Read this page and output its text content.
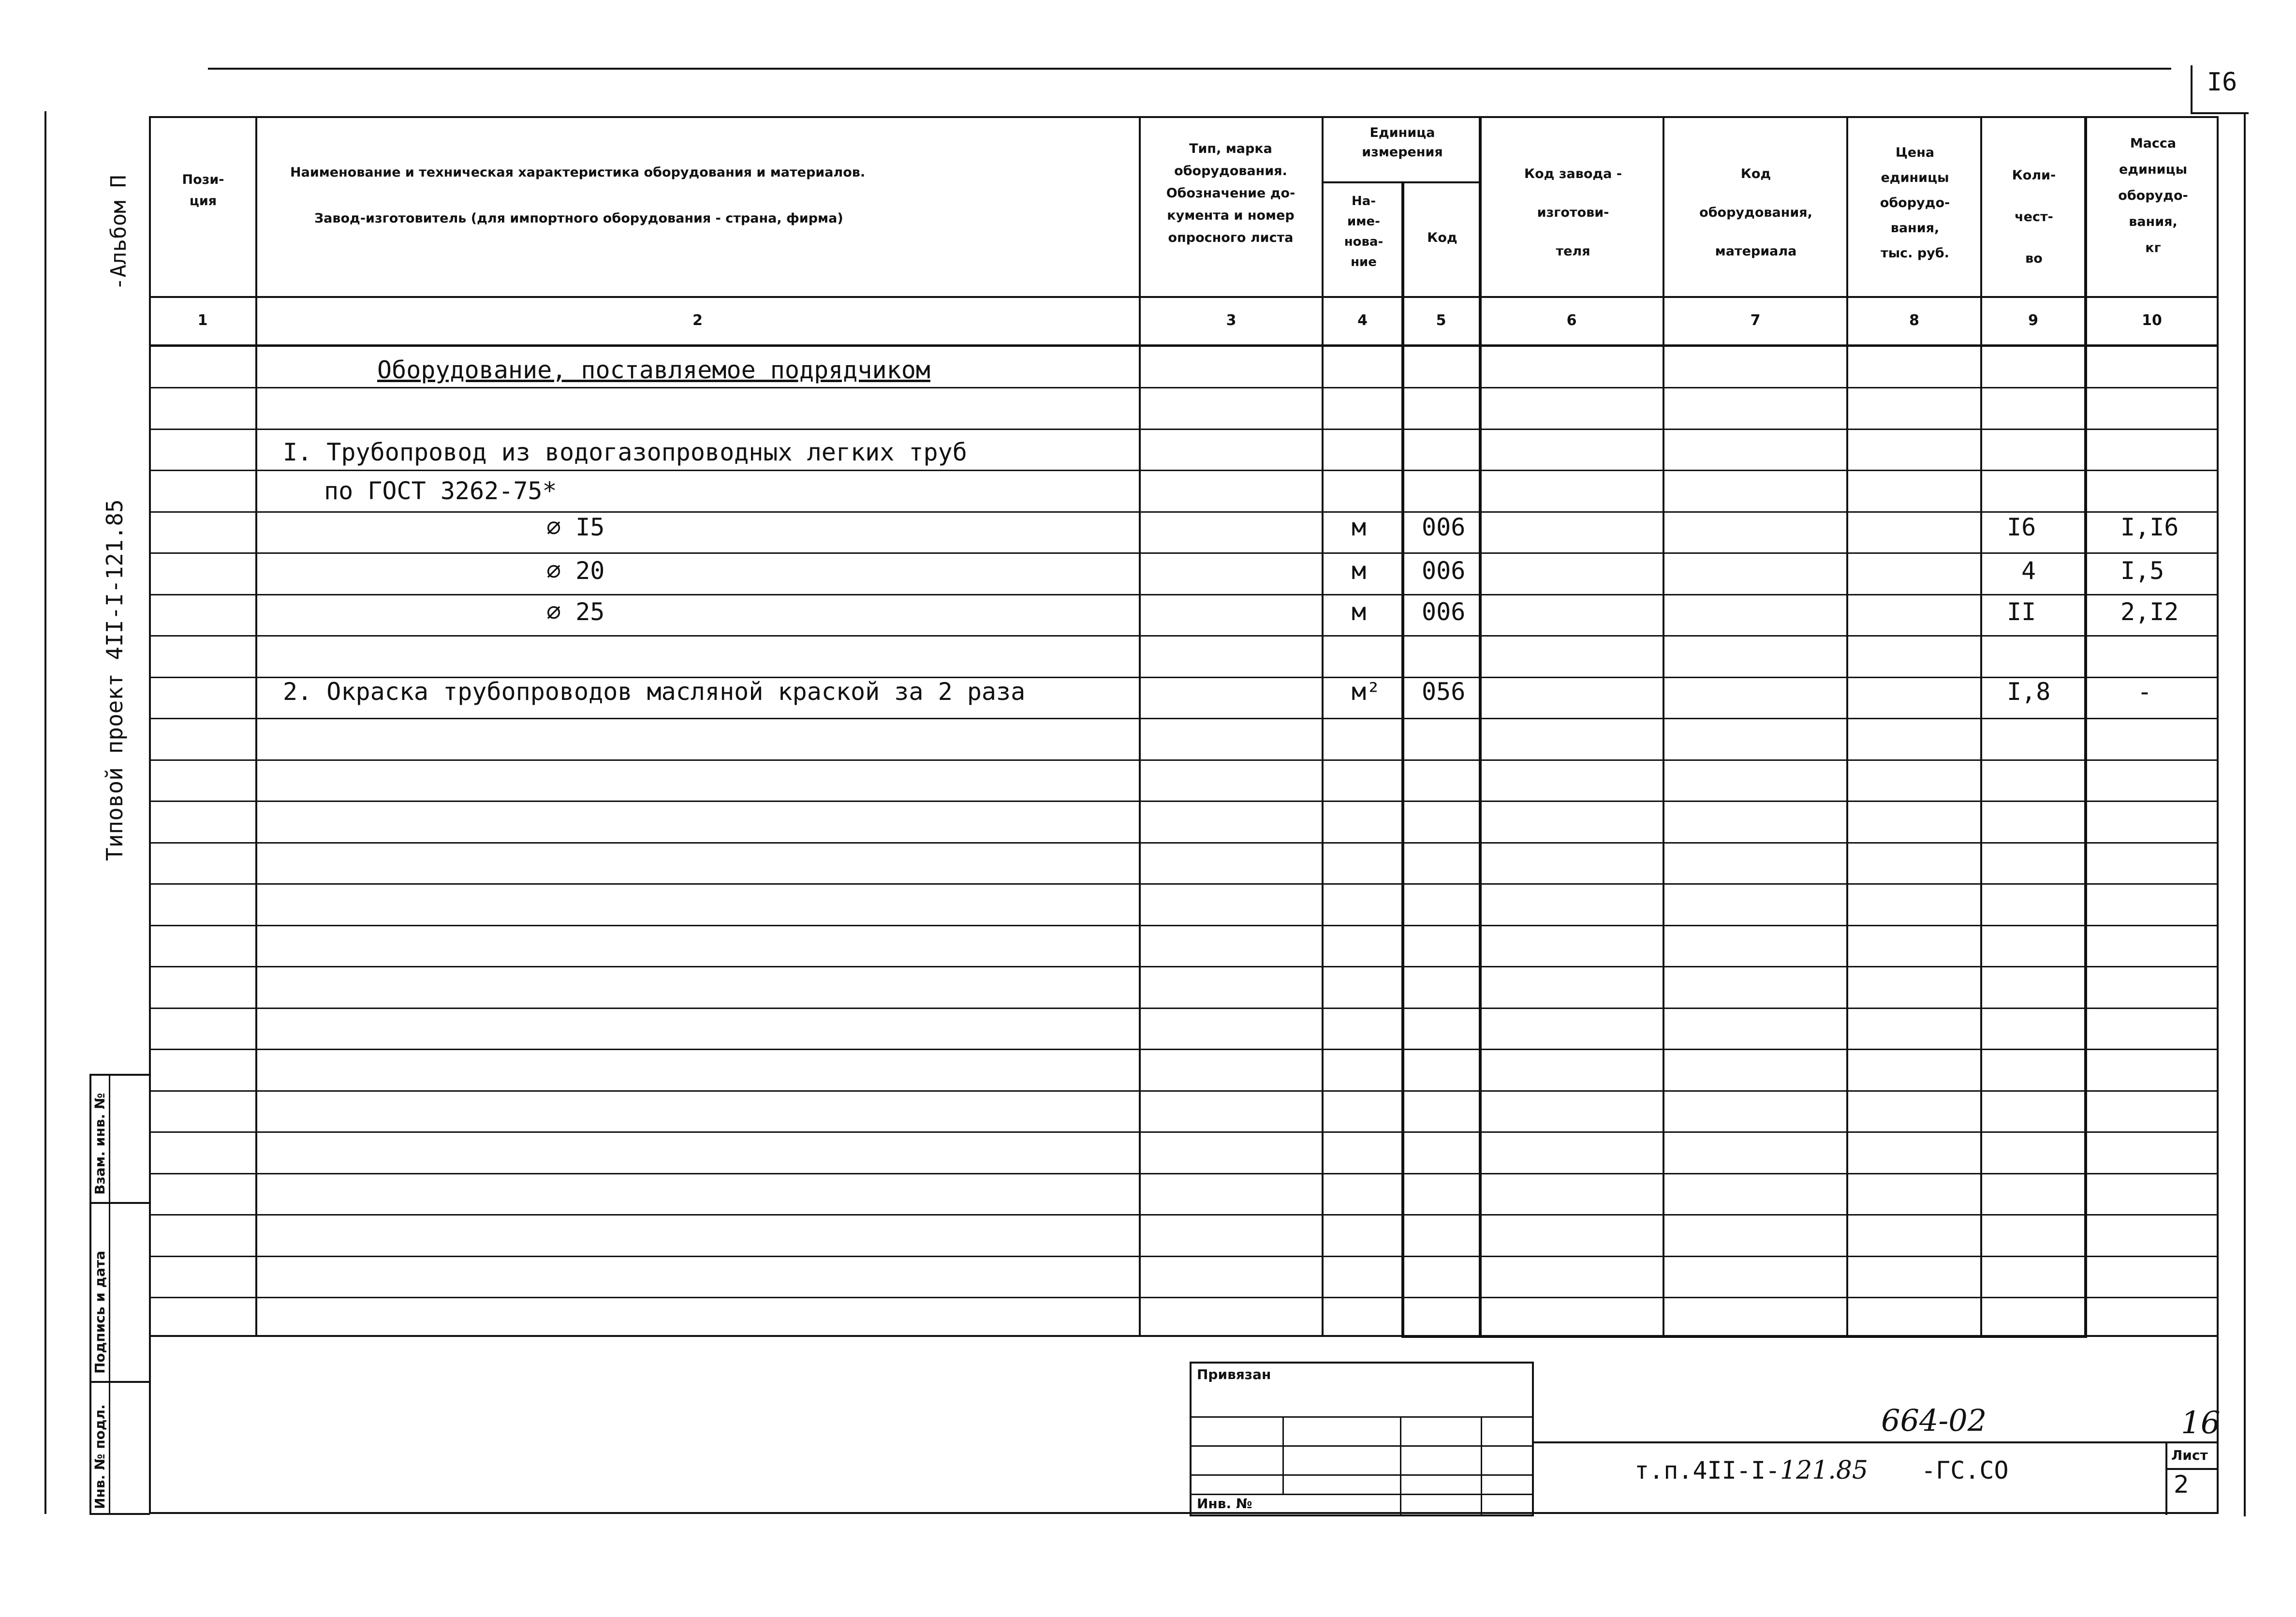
I6
-Альбом П
Типовой проект 4II-I-121.85
Взам. инв. №
Подпись и дата
Инв. № подл.
Пози-
ция
Наименование и техническая характеристика оборудования и материалов.
Завод-изготовитель (для импортного оборудования - страна, фирма)
Тип, марка
оборудования.
Обозначение до-
кумента и номер
опросного листа
Единица
измерения
На-
име-
нова-
ние
Код
Код завода -
изготови-
теля
Код
оборудования,
материала
Цена
единицы
оборудо-
вания,
тыс. руб.
Коли-
чест-
во
Масса
единицы
оборудо-
вания,
кг
1	2	3	4	5	6	7	8	9	10
Оборудование, поставляемое подрядчиком
I. Трубопровод из водогазопроводных легких труб
по ГОСТ 3262-75*
⌀ I5	м 006	I6	I,I6
⌀ 20	м 006	4	I,5
⌀ 25	м 006	II	2,I2
2. Окраска трубопроводов масляной краской за 2 раза	м² 056	I,8	-
Привязан
Инв. №
664-02	16
т.п.4II-I-121.85 -ГС.СО
Лист
2
